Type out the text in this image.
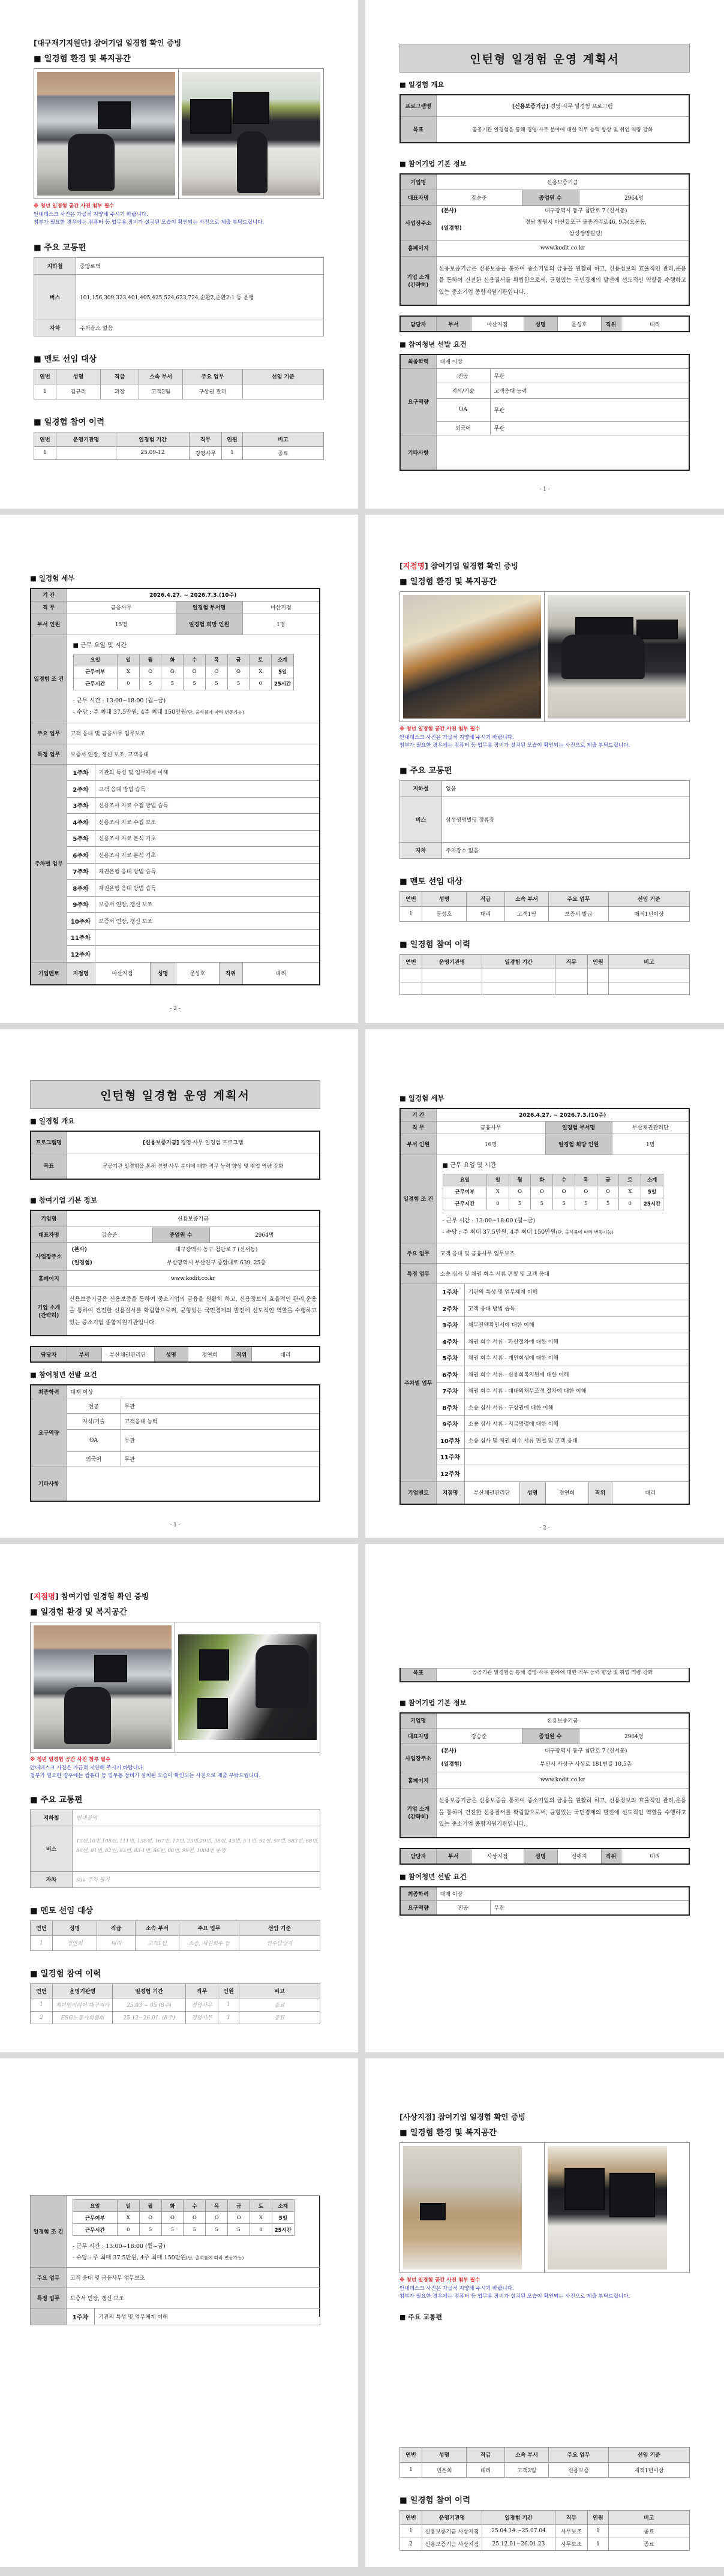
[대구재기지원단] 참여기업 일경험 확인 증빙
■ 일경험 환경 및 복지공간
※ 청년 일경험 공간 사진 첨부 필수
안내데스크 사진은 가급적 지양해 주시기 바랍니다.
첨부가 필요한 경우에는 컴퓨터 등 업무용 장비가 설치된 모습이 확인되는 사진으로 제출 부탁드립니다.
■ 주요 교통편
지하철	중앙로역
버스	101,156,309,323,401,405,425,524,623,724,순환2,순환2-1 등 운행
자차	주차장소 없음
■ 멘토 선임 대상
연번	성명	직급	소속 부서	주요 업무	선임 기준
1	김규리	과장	고객2팀	구상권 관리	
■ 일경험 참여 이력
연번	운영기관명	일경험 기간	직무	인원	비고
1		25.09-12	경영사무	1	종료
인턴형 일경험 운영 계획서
■ 일경험 개요
프로그램명	[신용보증기금] 경영·사무 일경험 프로그램
목표	공공기관 일경험을 통해 경영·사무 분야에 대한 직무 능력 향상 및 취업 역량 강화
■ 참여기업 기본 정보
기업명	신용보증기금		
대표자명	강승준	종업원 수	2964명
사업장주소	(본사) 대구광역시 동구 첨단로 7 (신서동)
(일경험)
경남 창원시 마산합포구 불종거리로46, 9층(오동동,
삼성생명빌딩)		

홈페이지	www.kodit.co.kr		
기업 소개
(간략히)	신용보증기금은 신용보증을 통하여 중소기업의 금융을 원활히 하고, 신용정보의 효율적인 관리,운용을 통하여 건전한 신용질서를 확립함으로써, 균형있는 국민경제의 발전에 선도적인 역할을 수행하고 있는 중소기업 종합지원기관입니다.		
담당자	부서	마산지점	성명	문성호	직위	대리
■ 참여청년 선발 요건
최종학력	대재 이상	
요구역량	전공	무관
	지식/기술	고객응대 능력
	OA	무관
	외국어	무관
기타사항		
- 1 -
■ 일경험 세부
기 간	2026.4.27. ~ 2026.7.3.(10주)
직 무	금융사무	일경험 부서명	마산지점
부서 인원	15명	일경험 희망 인원	1명
일경험 조 건	
■ 근무 요일 및 시간
요일	일	월	화	수	목	금	토	소계
근무여부	X	O	O	O	O	O	X	5일
근무시간	0	5	5	5	5	5	0	25시간
- 근무 시간 : 13:00~18:00 (월~금)
- 수당 : 주 최대 37.5만원, 4주 최대 150만원(단, 출석률에 따라 변동가능)

주요 업무	고객 응대 및 금융사무 업무보조
특정 업무	보증서 연장, 갱신 보조, 고객응대
주차별 업무	1주차	기관의 특성 및 업무체계 이해
2주차	고객 응대 방법 습득
3주차	신용조사 자료 수집 방법 습득
4주차	신용조사 자료 수집 보조
5주차	신용조사 자료 분석 기초
6주차	신용조사 자료 분석 기초
7주차	채권은행 응대 방법 습득
8주차	채권은행 응대 방법 습득
9주차	보증서 연장, 갱신 보조
10주차	보증서 연장, 갱신 보조
11주차	
12주차	
기업멘토	지점명	마산지점	성명	문성호	직위	대리
- 2 -
[지점명] 참여기업 일경험 확인 증빙
■ 일경험 환경 및 복지공간
※ 청년 일경험 공간 사진 첨부 필수
안내데스크 사진은 가급적 지양해 주시기 바랍니다.
첨부가 필요한 경우에는 컴퓨터 등 업무용 장비가 설치된 모습이 확인되는 사진으로 제출 부탁드립니다.
■ 주요 교통편
지하철	없음
버스	삼성생명빌딩 정류장
자차	주차장소 없음
■ 멘토 선임 대상
연번	성명	직급	소속 부서	주요 업무	선임 기준
1	문성호	대리	고객1팀	보증서 발급	재직1년이상
■ 일경험 참여 이력
연번	운영기관명	일경험 기간	직무	인원	비고

인턴형 일경험 운영 계획서
■ 일경험 개요
프로그램명	[신용보증기금] 경영·사무 일경험 프로그램
목표	공공기관 일경험을 통해 경영·사무 분야에 대한 직무 능력 향상 및 취업 역량 강화
■ 참여기업 기본 정보
기업명	신용보증기금		
대표자명	강승준	종업원 수	2964명
사업장주소	(본사) 대구광역시 동구 첨단로 7 (신서동)
(일경험) 부산광역시 부산진구 중앙대로 639, 25층		

홈페이지	www.kodit.co.kr		
기업 소개
(간략히)	신용보증기금은 신용보증을 통하여 중소기업의 금융을 원활히 하고, 신용정보의 효율적인 관리,운용을 통하여 건전한 신용질서를 확립함으로써, 균형있는 국민경제의 발전에 선도적인 역할을 수행하고 있는 중소기업 종합지원기관입니다.		
담당자	부서	부산채권관리단	성명	정연희	직위	대리
■ 참여청년 선발 요건
최종학력	대재 이상	
요구역량	전공	무관
	지식/기술	고객응대 능력
	OA	무관
	외국어	무관
기타사항		
- 1 -
■ 일경험 세부
기 간	2026.4.27. ~ 2026.7.3.(10주)
직 무	금융사무	일경험 부서명	부산채권관리단
부서 인원	16명	일경험 희망 인원	1명
일경험 조 건	
■ 근무 요일 및 시간
요일	일	월	화	수	목	금	토	소계
근무여부	X	O	O	O	O	O	X	5일
근무시간	0	5	5	5	5	5	0	25시간
- 근무 시간 : 13:00~18:00 (월~금)
- 수당 : 주 최대 37.5만원, 4주 최대 150만원(단, 출석률에 따라 변동가능)

주요 업무	고객 응대 및 금융사무 업무보조
특정 업무	소송 심사 및 채권 회수 서류 편철 및 고객 응대
주차별 업무	1주차	기관의 특성 및 업무체계 이해
2주차	고객 응대 방법 습득
3주차	채무잔액확인서에 대한 이해
4주차	채권 회수 서류 - 파산절차에 대한 이해
5주차	채권 회수 서류 - 개인회생에 대한 이해
6주차	채권 회수 서류 - 신용회복지원에 대한 이해
7주차	채권 회수 서류 - 대내외채무조정 절차에 대한 이해
8주차	소송 심사 서류 - 구상권에 대한 이해
9주차	소송 심사 서류 - 지급명령에 대한 이해
10주차	소송 심사 및 채권 회수 서류 편철 및 고객 응대
11주차	
12주차	
기업멘토	지점명	부산채권관리단	성명	정연희	직위	대리
- 2 -
[지점명] 참여기업 일경험 확인 증빙
■ 일경험 환경 및 복지공간
※ 청년 일경험 공간 사진 첨부 필수
안내데스크 사진은 가급적 지양해 주시기 바랍니다.
첨부가 필요한 경우에는 컴퓨터 등 업무용 장비가 설치된 모습이 확인되는 사진으로 제출 부탁드립니다.
■ 주요 교통편
지하철	범내골역
버스	10번,10번,108번, 111번, 138번, 167번, 17번, 23번,29번, 38번, 43번, 5-1번, 52번, 57번, 583번, 68번, 80번, 81번, 82번, 83번, 83-1번, 86번, 88번, 99번, 1004번 운행
자차	suv 주차 불가
■ 멘토 선임 대상
연번	성명	직급	소속 부서	주요 업무	선임 기준
1	정연희	대리	고객1팀	소송, 채권회수 등	연수담당자
■ 일경험 참여 이력
연번	운영기관명	일경험 기간	직무	인원	비고
1	제이엠커리어 대구지사	25.03 ~ 05 (8주)	경영사무	1	종료
2	ESG노동사회협회	25.12~26.01. (8주)	경영사무	1	종료
목표	공공기관 일경험을 통해 경영·사무 분야에 대한 직무 능력 향상 및 취업 역량 강화
■ 참여기업 기본 정보
기업명	신용보증기금		
대표자명	강승준	종업원 수	2964명
사업장주소	(본사) 대구광역시 동구 첨단로 7 (신서동)
(일경험) 부산시 사상구 사상로 181번길 10,5층		

홈페이지	www.kodit.co.kr		
기업 소개
(간략히)	신용보증기금은 신용보증을 통하여 중소기업의 금융을 원활히 하고, 신용정보의 효율적인 관리,운용을 통하여 건전한 신용질서를 확립함으로써, 균형있는 국민경제의 발전에 선도적인 역할을 수행하고 있는 중소기업 종합지원기관입니다.		
담당자	부서	사상지점	성명	신애지	직위	대리
■ 참여청년 선발 요건
최종학력	대재 이상	
요구역량	전공	무관
일경험 조 건	
요일	일	월	화	수	목	금	토	소계
근무여부	X	O	O	O	O	O	X	5일
근무시간	0	5	5	5	5	5	0	25시간
- 근무 시간 : 13:00~18:00 (월~금)
- 수당 : 주 최대 37.5만원, 4주 최대 150만원(단, 출석률에 따라 변동가능)

주요 업무	고객 응대 및 금융사무 업무보조
특정 업무	보증서 연장, 갱신 보조
	1주차	기관의 특성 및 업무체계 이해
[사상지점] 참여기업 일경험 확인 증빙
■ 일경험 환경 및 복지공간
※ 청년 일경험 공간 사진 첨부 필수
안내데스크 사진은 가급적 지양해 주시기 바랍니다.
첨부가 필요한 경우에는 컴퓨터 등 업무용 장비가 설치된 모습이 확인되는 사진으로 제출 부탁드립니다.
■ 주요 교통편
연번	성명	직급	소속 부서	주요 업무	선임 기준
1	빈은희	대리	고객2팀	신용보증	재직1년이상
■ 일경험 참여 이력
연번	운영기관명	일경험 기간	직무	인원	비고
1	신용보증기금 사상지점	25.04.14.~25.07.04	사무보조	1	종료
2	신용보증기금 사상지점	25.12.01~26.01.23	사무보조	1	종료
